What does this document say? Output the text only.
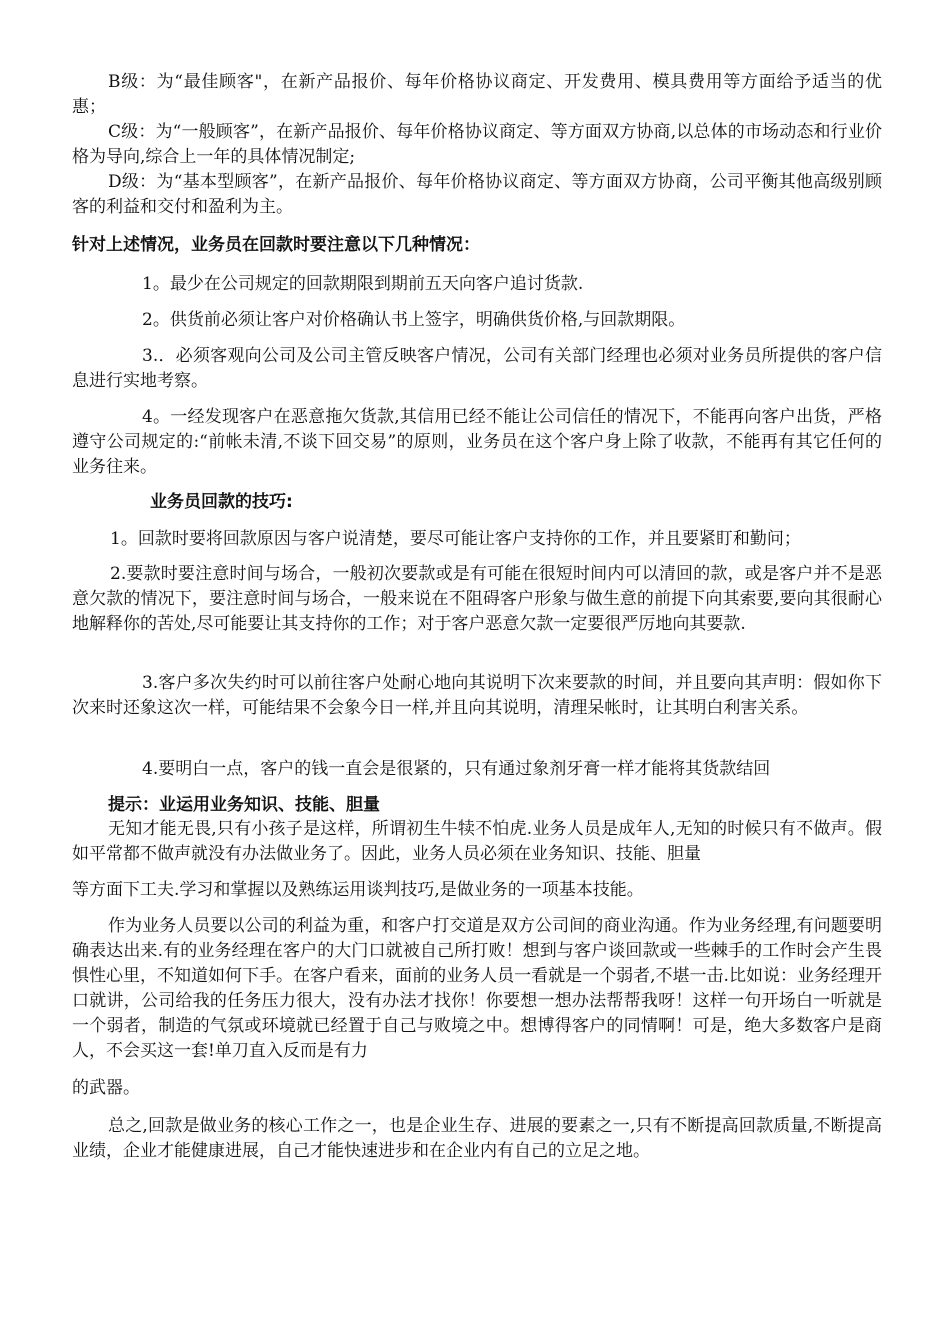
B级：为“最佳顾客"，在新产品报价、每年价格协议商定、开发费用、模具费用等方面给予适当的优惠；

C级：为“一般顾客”，在新产品报价、每年价格协议商定、等方面双方协商,以总体的市场动态和行业价格为导向,综合上一年的具体情况制定;

D级：为“基本型顾客”，在新产品报价、每年价格协议商定、等方面双方协商，公司平衡其他高级别顾客的利益和交付和盈利为主。

针对上述情况，业务员在回款时要注意以下几种情况：

1。最少在公司规定的回款期限到期前五天向客户追讨货款.

2。供货前必须让客户对价格确认书上签字，明确供货价格,与回款期限。

3.．必须客观向公司及公司主管反映客户情况，公司有关部门经理也必须对业务员所提供的客户信息进行实地考察。

4。一经发现客户在恶意拖欠货款,其信用已经不能让公司信任的情况下，不能再向客户出货，严格遵守公司规定的:“前帐未清,不谈下回交易”的原则，业务员在这个客户身上除了收款，不能再有其它任何的业务往来。

业务员回款的技巧:

1。回款时要将回款原因与客户说清楚，要尽可能让客户支持你的工作，并且要紧盯和勤问；

2.要款时要注意时间与场合，一般初次要款或是有可能在很短时间内可以清回的款，或是客户并不是恶意欠款的情况下，要注意时间与场合，一般来说在不阻碍客户形象与做生意的前提下向其索要,要向其很耐心地解释你的苦处,尽可能要让其支持你的工作；对于客户恶意欠款一定要很严厉地向其要款.

3.客户多次失约时可以前往客户处耐心地向其说明下次来要款的时间，并且要向其声明：假如你下次来时还象这次一样，可能结果不会象今日一样,并且向其说明，清理呆帐时，让其明白利害关系。

4.要明白一点，客户的钱一直会是很紧的，只有通过象剂牙膏一样才能将其货款结回

提示：业运用业务知识、技能、胆量

无知才能无畏,只有小孩子是这样，所谓初生牛犊不怕虎.业务人员是成年人,无知的时候只有不做声。假如平常都不做声就没有办法做业务了。因此，业务人员必须在业务知识、技能、胆量

等方面下工夫.学习和掌握以及熟练运用谈判技巧,是做业务的一项基本技能。

作为业务人员要以公司的利益为重，和客户打交道是双方公司间的商业沟通。作为业务经理,有问题要明确表达出来.有的业务经理在客户的大门口就被自己所打败！想到与客户谈回款或一些棘手的工作时会产生畏惧性心里，不知道如何下手。在客户看来，面前的业务人员一看就是一个弱者,不堪一击.比如说：业务经理开口就讲，公司给我的任务压力很大，没有办法才找你！你要想一想办法帮帮我呀！这样一句开场白一听就是一个弱者，制造的气氛或环境就已经置于自己与败境之中。想博得客户的同情啊！可是，绝大多数客户是商人，不会买这一套!单刀直入反而是有力

的武器。

总之,回款是做业务的核心工作之一，也是企业生存、进展的要素之一,只有不断提高回款质量,不断提高业绩，企业才能健康进展，自己才能快速进步和在企业内有自己的立足之地。
